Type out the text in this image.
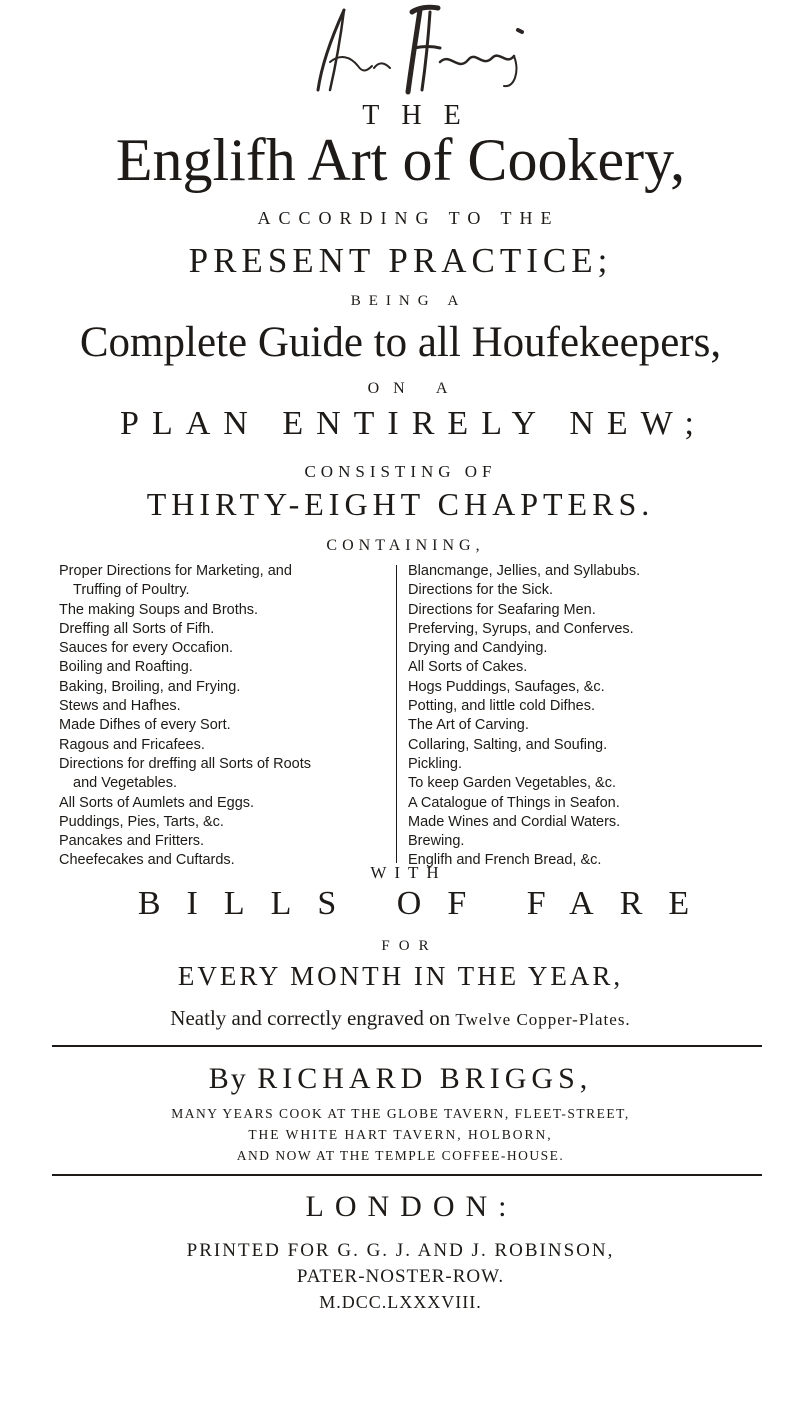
THE
Englifh Art of Cookery,
ACCORDING TO THE
PRESENT PRACTICE;
BEING A
Complete Guide to all Houfekeepers,
ON A
PLAN ENTIRELY NEW;
CONSISTING OF
THIRTY-EIGHT CHAPTERS.
CONTAINING,
Proper Directions for Marketing, and
Truffing of Poultry.
The making Soups and Broths.
Dreffing all Sorts of Fifh.
Sauces for every Occafion.
Boiling and Roafting.
Baking, Broiling, and Frying.
Stews and Hafhes.
Made Difhes of every Sort.
Ragous and Fricafees.
Directions for dreffing all Sorts of Roots
and Vegetables.
All Sorts of Aumlets and Eggs.
Puddings, Pies, Tarts, &c.
Pancakes and Fritters.
Cheefecakes and Cuftards.
Blancmange, Jellies, and Syllabubs.
Directions for the Sick.
Directions for Seafaring Men.
Preferving, Syrups, and Conferves.
Drying and Candying.
All Sorts of Cakes.
Hogs Puddings, Saufages, &c.
Potting, and little cold Difhes.
The Art of Carving.
Collaring, Salting, and Soufing.
Pickling.
To keep Garden Vegetables, &c.
A Catalogue of Things in Seafon.
Made Wines and Cordial Waters.
Brewing.
Englifh and French Bread, &c.
WITH
BILLS OF FARE
FOR
EVERY MONTH IN THE YEAR,
Neatly and correctly engraved on Twelve Copper-Plates.
By RICHARD BRIGGS,
MANY YEARS COOK AT THE GLOBE TAVERN, FLEET-STREET,
THE WHITE HART TAVERN, HOLBORN,
AND NOW AT THE TEMPLE COFFEE-HOUSE.
LONDON:
PRINTED FOR G. G. J. AND J. ROBINSON,
PATER-NOSTER-ROW.
M.DCC.LXXXVIII.
